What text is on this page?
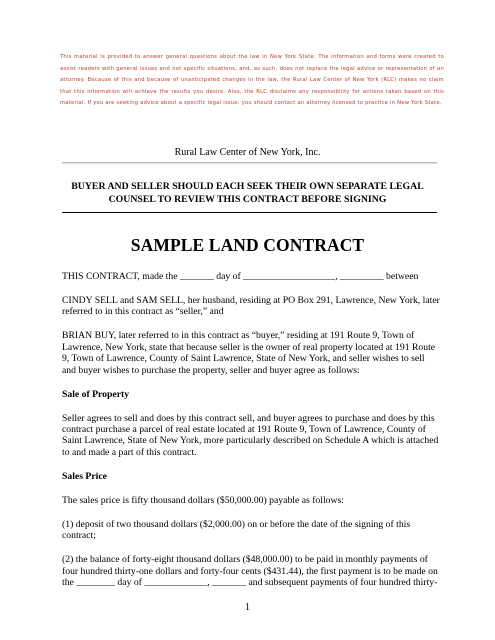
This material is provided to answer general questions about the law in New York State. The information and forms were created to assist readers with general issues and not specific situations, and, as such, does not replace the legal advice or representation of an attorney. Because of this and because of unanticipated changes in the law, the Rural Law Center of New York (RLC) makes no claim that this information will achieve the results you desire. Also, the RLC disclaims any responsibility for actions taken based on this material. If you are seeking advice about a specific legal issue, you should contact an attorney licensed to practice in New York State.
Rural Law Center of New York, Inc.
BUYER AND SELLER SHOULD EACH SEEK THEIR OWN SEPARATE LEGAL
COUNSEL TO REVIEW THIS CONTRACT BEFORE SIGNING
SAMPLE LAND CONTRACT

THIS CONTRACT, made the _______ day of ___________________, _________ between

CINDY SELL and SAM SELL, her husband, residing at PO Box 291, Lawrence, New York, later referred to in this contract as “seller,” and

BRIAN BUY, later referred to in this contract as “buyer,” residing at 191 Route 9, Town of Lawrence, New York, state that because seller is the owner of real property located at 191 Route 9, Town of Lawrence, County of Saint Lawrence, State of New York, and seller wishes to sell and buyer wishes to purchase the property, seller and buyer agree as follows:

Sale of Property

Seller agrees to sell and does by this contract sell, and buyer agrees to purchase and does by this contract purchase a parcel of real estate located at 191 Route 9, Town of Lawrence, County of Saint Lawrence, State of New York, more particularly described on Schedule A which is attached to and made a part of this contract.

Sales Price

The sales price is fifty thousand dollars ($50,000.00) payable as follows:

(1) deposit of two thousand dollars ($2,000.00) on or before the date of the signing of this contract;

(2) the balance of forty-eight thousand dollars ($48,000.00) to be paid in monthly payments of four hundred thirty-one dollars and forty-four cents ($431.44), the first payment is to be made on the ________ day of _____________, _______ and subsequent payments of four hundred thirty-

1
